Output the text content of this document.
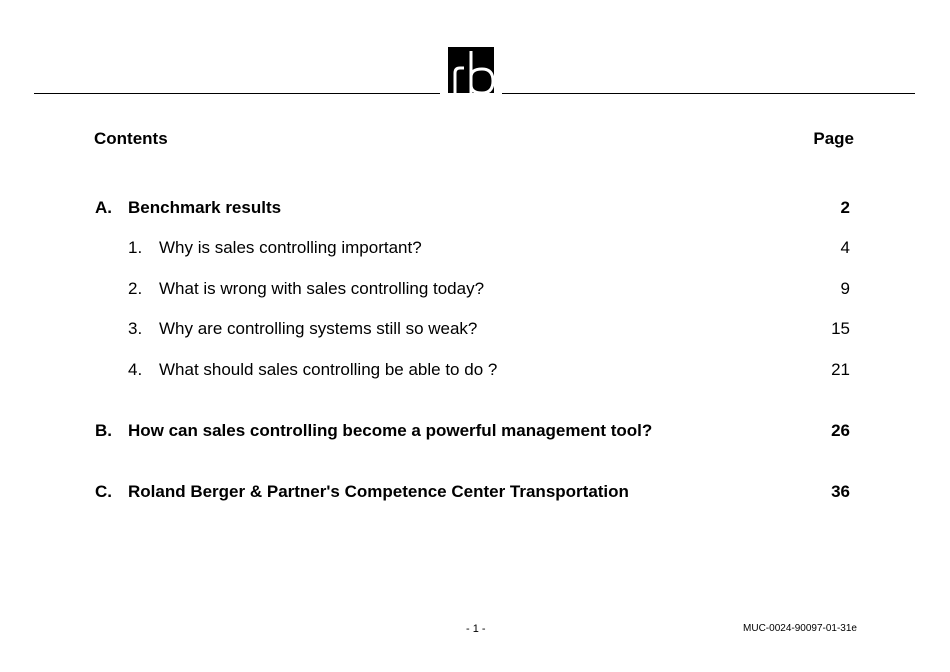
Contents	Page
A. Benchmark results	2
1. Why is sales controlling important?	4
2. What is wrong with sales controlling today?	9
3. Why are controlling systems still so weak?	15
4. What should sales controlling be able to do ?	21
B. How can sales controlling become a powerful management tool?	26
C. Roland Berger & Partner's Competence Center Transportation	36
- 1 -	MUC-0024-90097-01-31e
